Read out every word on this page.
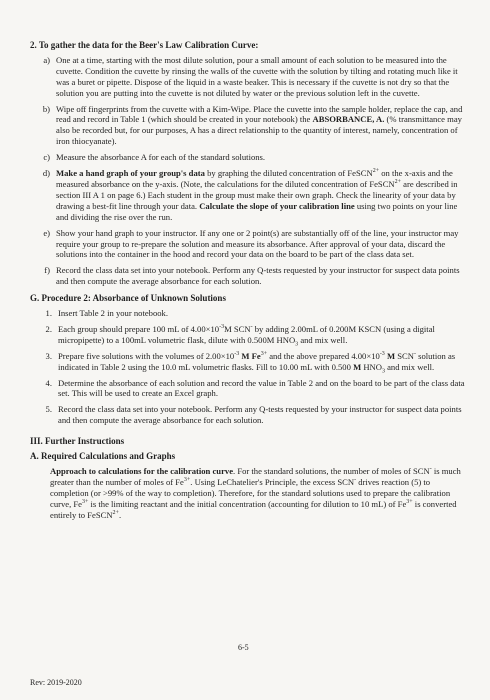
2. To gather the data for the Beer's Law Calibration Curve:
a) One at a time, starting with the most dilute solution, pour a small amount of each solution to be measured into the cuvette. Condition the cuvette by rinsing the walls of the cuvette with the solution by tilting and rotating much like it was a buret or pipette. Dispose of the liquid in a waste beaker. This is necessary if the cuvette is not dry so that the solution you are putting into the cuvette is not diluted by water or the previous solution left in the cuvette.
b) Wipe off fingerprints from the cuvette with a Kim-Wipe. Place the cuvette into the sample holder, replace the cap, and read and record in Table 1 (which should be created in your notebook) the ABSORBANCE, A. (% transmittance may also be recorded but, for our purposes, A has a direct relationship to the quantity of interest, namely, concentration of iron thiocyanate).
c) Measure the absorbance A for each of the standard solutions.
d) Make a hand graph of your group's data by graphing the diluted concentration of FeSCN$^{2+}$ on the x-axis and the measured absorbance on the y-axis. (Note, the calculations for the diluted concentration of FeSCN$^{2+}$ are described in section III A 1 on page 6.) Each student in the group must make their own graph. Check the linearity of your data by drawing a best-fit line through your data. Calculate the slope of your calibration line using two points on your line and dividing the rise over the run.
e) Show your hand graph to your instructor. If any one or 2 point(s) are substantially off of the line, your instructor may require your group to re-prepare the solution and measure its absorbance. After approval of your data, discard the solutions into the container in the hood and record your data on the board to be part of the class data set.
f) Record the class data set into your notebook. Perform any Q-tests requested by your instructor for suspect data points and then compute the average absorbance for each solution.
G. Procedure 2: Absorbance of Unknown Solutions
1. Insert Table 2 in your notebook.
2. Each group should prepare 100 mL of $4.00\times 10^{-3}M$ SCN- by adding 2.00mL of 0.200M KSCN (using a digital micropipette) to a 100mL volumetric flask, dilute with 0.500M $HNO_3$ and mix well.
3. Prepare five solutions with the volumes of $2.00\times 10^{-3}$ M $Fe^{3+}$ and the above prepared $4.00\times 10^{-3}$ M SCN- solution as indicated in Table 2 using the 10.0 mL volumetric flasks. Fill to 10.00 mL with 0.500 M $HNO_3$ and mix well.
4. Determine the absorbance of each solution and record the value in Table 2 and on the board to be part of the class data set. This will be used to create an Excel graph.
5. Record the class data set into your notebook. Perform any Q-tests requested by your instructor for suspect data points and then compute the average absorbance for each solution.
III. Further Instructions
A. Required Calculations and Graphs
Approach to calculations for the calibration curve. For the standard solutions, the number of moles of SCN- is much greater than the number of moles of $Fe^{3+}$. Using LeChatelier's Principle, the excess SCN- drives reaction (5) to completion (or >99% of the way to completion). Therefore, for the standard solutions used to prepare the calibration curve, $Fe^{3+}$ is the limiting reactant and the initial concentration (accounting for dilution to 10 mL) of $Fe^{3+}$ is converted entirely to FeSCN$^{2+}$.
6-5
Rev: 2019-2020
